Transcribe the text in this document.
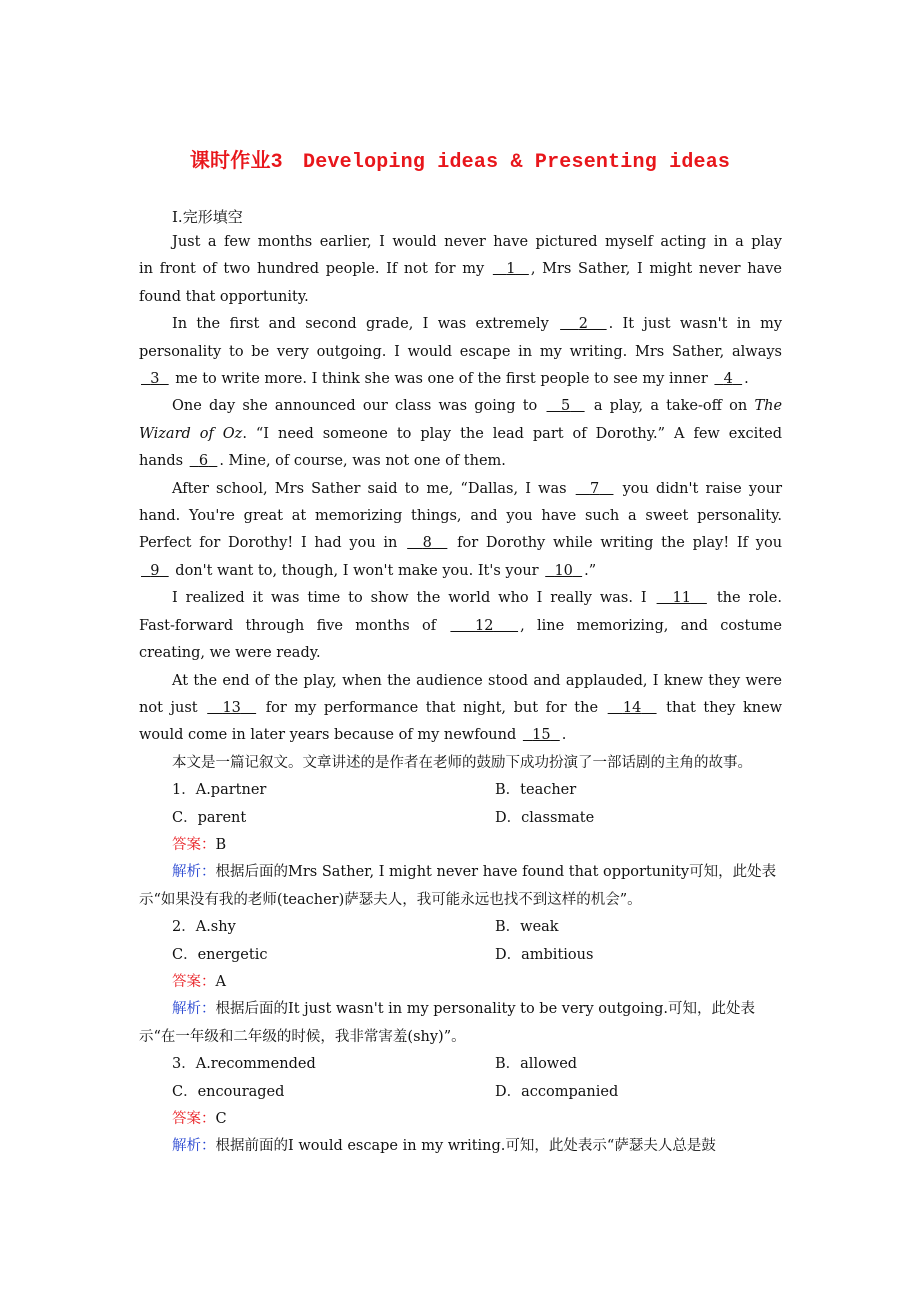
课时作业3　Developing ideas & Presenting ideas
Ⅰ.完形填空

Just a few months earlier, I would never have pictured myself acting in a play
in front of two hundred people. If not for my 1 , Mrs Sather, I might never have
found that opportunity.

In the first and second grade, I was extremely 2 . It just wasn't in my
personality to be very outgoing. I would escape in my writing. Mrs Sather, always
3 me to write more. I think she was one of the first people to see my inner 4 .

One day she announced our class was going to 5 a play, a take-off on The
Wizard of Oz. “I need someone to play the lead part of Dorothy.” A few excited
hands 6 . Mine, of course, was not one of them.

After school, Mrs Sather said to me, “Dallas, I was 7 you didn't raise your
hand. You're great at memorizing things, and you have such a sweet personality.
Perfect for Dorothy! I had you in 8 for Dorothy while writing the play! If you
9 don't want to, though, I won't make you. It's your 10 .”

I realized it was time to show the world who I really was. I 11 the role.
Fast-forward through five months of	12 , line memorizing, and costume
creating, we were ready.

At the end of the play, when the audience stood and applauded, I knew they were
not just 13 for my performance that night, but for the 14 that they knew
would come in later years because of my newfound 15 .

本文是一篇记叙文。文章讲述的是作者在老师的鼓励下成功扮演了一部话剧的主角的故事。

1．A.partner	B．teacher
C．parent	D．classmate

答案：B

解析：根据后面的Mrs Sather, I might never have found that opportunity可知，此处表示“如果没有我的老师(teacher)萨瑟夫人，我可能永远也找不到这样的机会”。

2．A.shy	B．weak
C．energetic	D．ambitious

答案：A

解析：根据后面的It just wasn't in my personality to be very outgoing.可知，此处表示“在一年级和二年级的时候，我非常害羞(shy)”。

3．A.recommended	B．allowed
C．encouraged	D．accompanied

答案：C

解析：根据前面的I would escape in my writing.可知，此处表示“萨瑟夫人总是鼓
